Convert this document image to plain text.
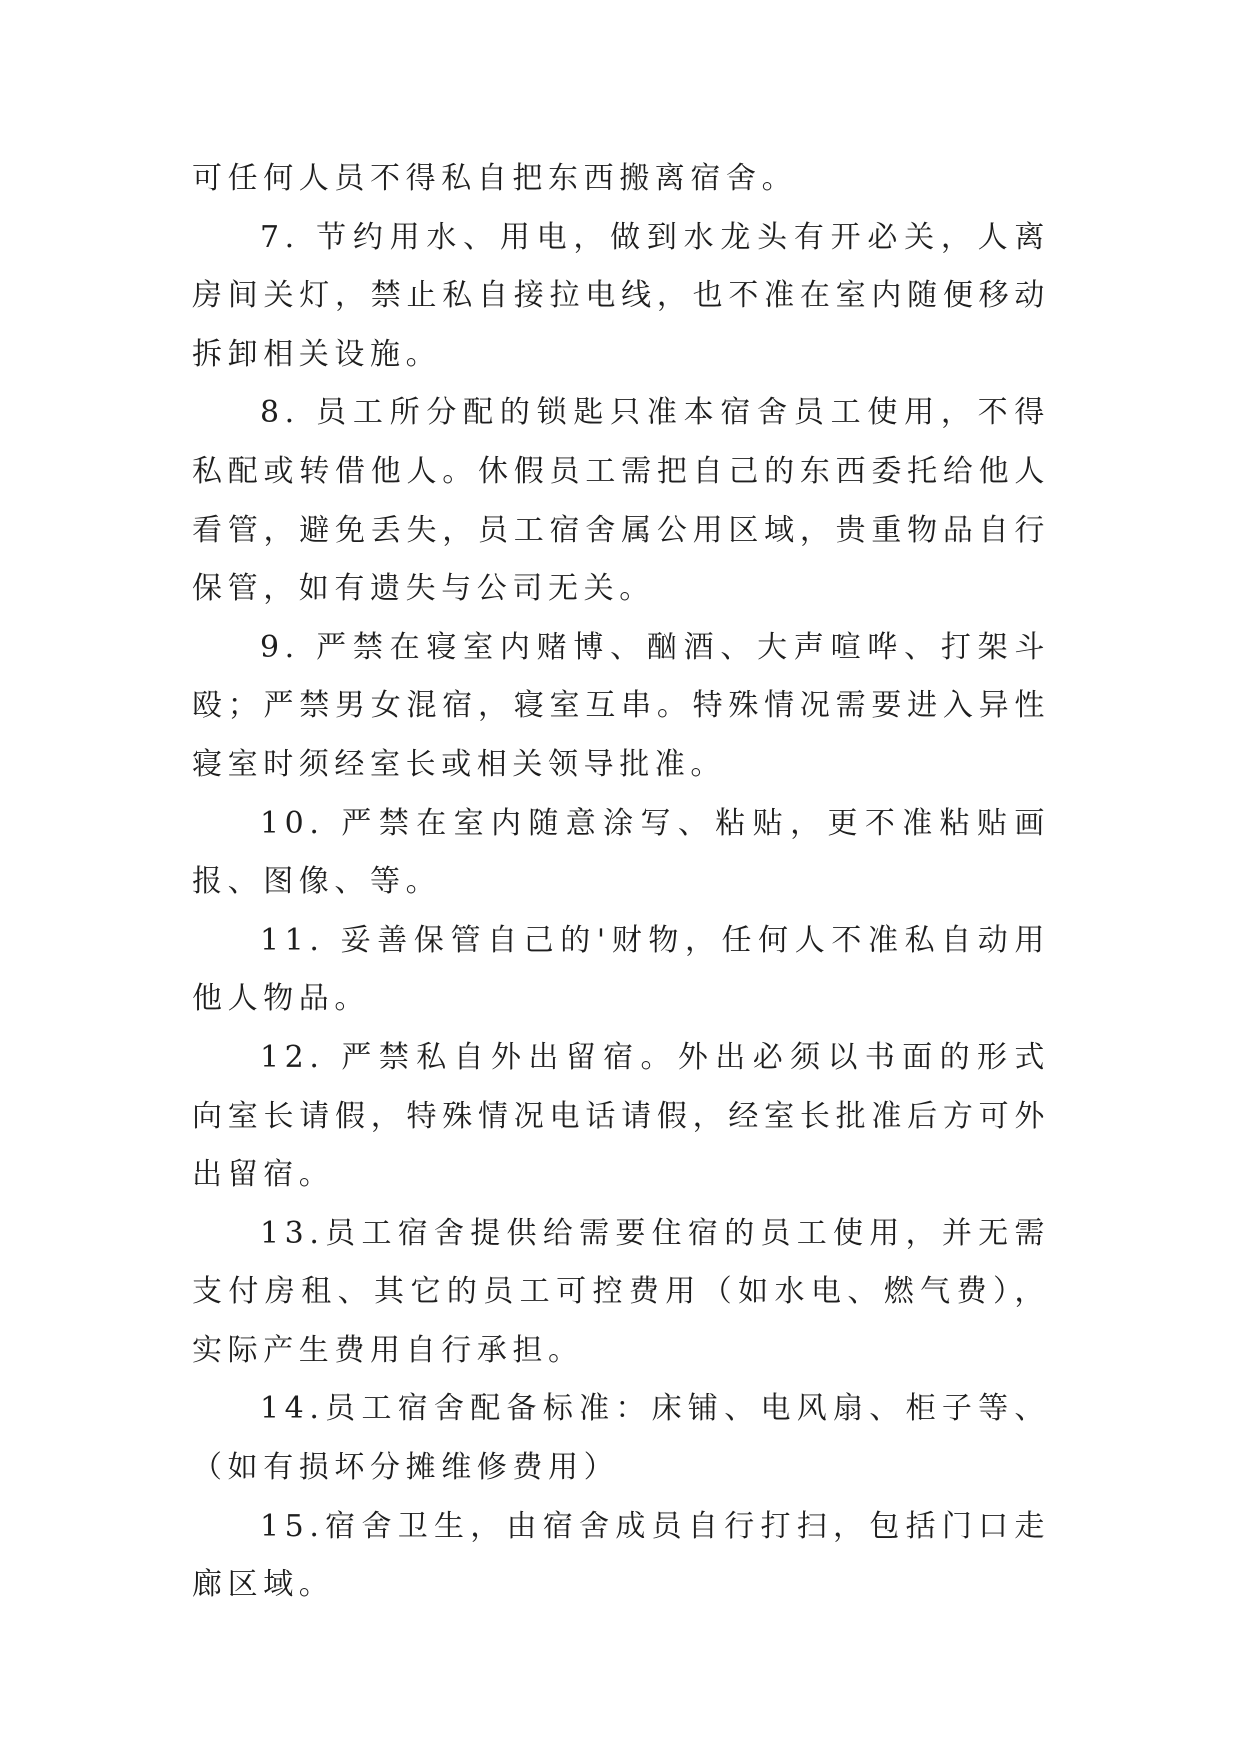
可任何人员不得私自把东西搬离宿舍。

7. 节约用水、用电，做到水龙头有开必关，人离房间关灯，禁止私自接拉电线，也不准在室内随便移动拆卸相关设施。

8. 员工所分配的锁匙只准本宿舍员工使用，不得私配或转借他人。休假员工需把自己的东西委托给他人看管，避免丢失，员工宿舍属公用区域，贵重物品自行保管，如有遗失与公司无关。

9. 严禁在寝室内赌博、酗酒、大声喧哗、打架斗殴；严禁男女混宿，寝室互串。特殊情况需要进入异性寝室时须经室长或相关领导批准。

10. 严禁在室内随意涂写、粘贴，更不准粘贴画报、图像、等。

11. 妥善保管自己的'财物，任何人不准私自动用他人物品。

12. 严禁私自外出留宿。外出必须以书面的形式向室长请假，特殊情况电话请假，经室长批准后方可外出留宿。

13.员工宿舍提供给需要住宿的员工使用，并无需支付房租、其它的员工可控费用（如水电、燃气费），实际产生费用自行承担。

14.员工宿舍配备标准：床铺、电风扇、柜子等、（如有损坏分摊维修费用）

15.宿舍卫生，由宿舍成员自行打扫，包括门口走廊区域。
